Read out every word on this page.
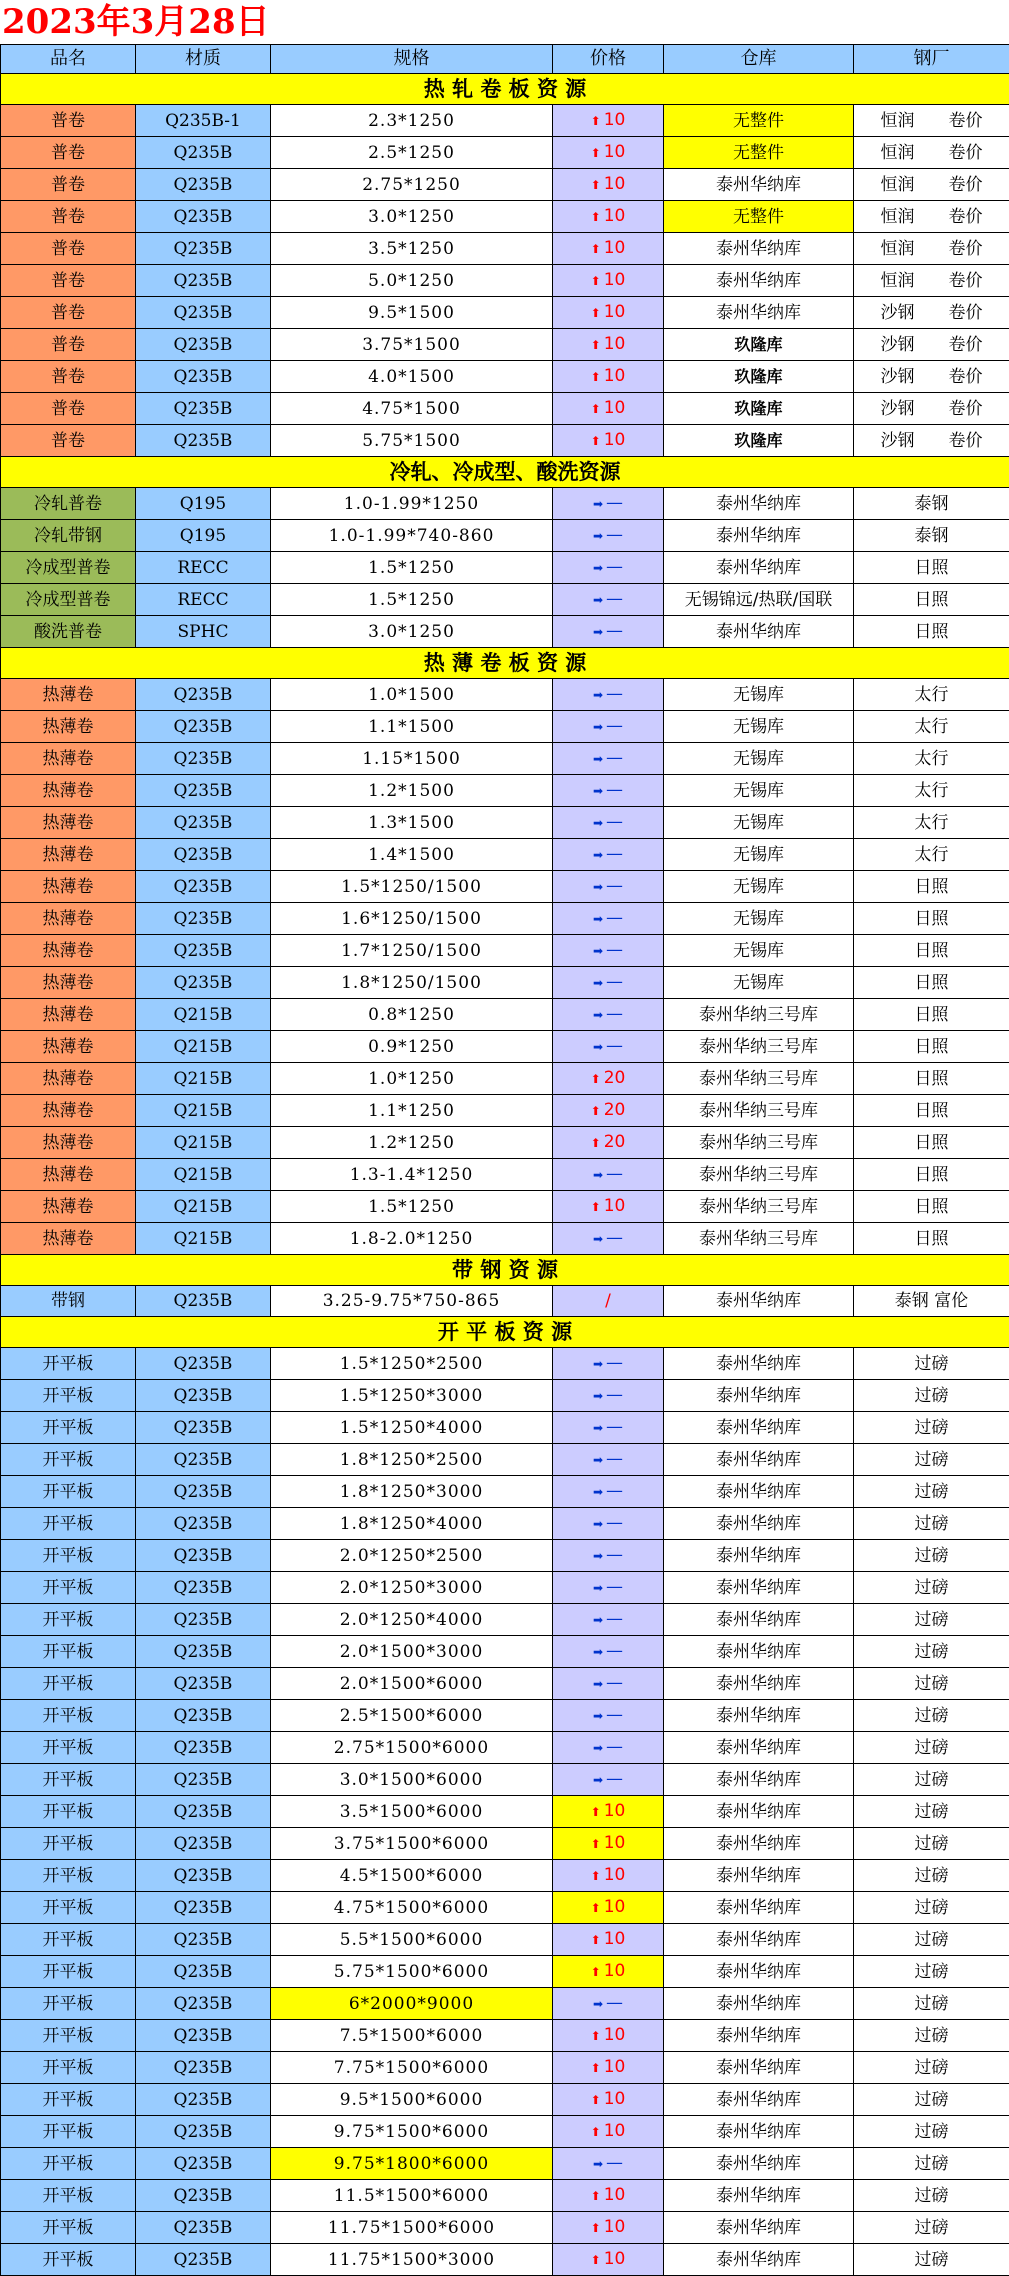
2023年3月28日
品名	材质	规格	价格	仓库	钢厂
热 轧 卷 板 资 源					
普卷	Q235B-1	2.3*1250	⬆ 10	无整件	恒润　　卷价
普卷	Q235B	2.5*1250	⬆ 10	无整件	恒润　　卷价
普卷	Q235B	2.75*1250	⬆ 10	泰州华纳库	恒润　　卷价
普卷	Q235B	3.0*1250	⬆ 10	无整件	恒润　　卷价
普卷	Q235B	3.5*1250	⬆ 10	泰州华纳库	恒润　　卷价
普卷	Q235B	5.0*1250	⬆ 10	泰州华纳库	恒润　　卷价
普卷	Q235B	9.5*1500	⬆ 10	泰州华纳库	沙钢　　卷价
普卷	Q235B	3.75*1500	⬆ 10	玖隆库	沙钢　　卷价
普卷	Q235B	4.0*1500	⬆ 10	玖隆库	沙钢　　卷价
普卷	Q235B	4.75*1500	⬆ 10	玖隆库	沙钢　　卷价
普卷	Q235B	5.75*1500	⬆ 10	玖隆库	沙钢　　卷价
冷轧、冷成型、酸洗资源					
冷轧普卷	Q195	1.0-1.99*1250	➡ —	泰州华纳库	泰钢
冷轧带钢	Q195	1.0-1.99*740-860	➡ —	泰州华纳库	泰钢
冷成型普卷	RECC	1.5*1250	➡ —	泰州华纳库	日照
冷成型普卷	RECC	1.5*1250	➡ —	无锡锦远/热联/国联	日照
酸洗普卷	SPHC	3.0*1250	➡ —	泰州华纳库	日照
热 薄 卷 板 资 源					
热薄卷	Q235B	1.0*1500	➡ —	无锡库	太行
热薄卷	Q235B	1.1*1500	➡ —	无锡库	太行
热薄卷	Q235B	1.15*1500	➡ —	无锡库	太行
热薄卷	Q235B	1.2*1500	➡ —	无锡库	太行
热薄卷	Q235B	1.3*1500	➡ —	无锡库	太行
热薄卷	Q235B	1.4*1500	➡ —	无锡库	太行
热薄卷	Q235B	1.5*1250/1500	➡ —	无锡库	日照
热薄卷	Q235B	1.6*1250/1500	➡ —	无锡库	日照
热薄卷	Q235B	1.7*1250/1500	➡ —	无锡库	日照
热薄卷	Q235B	1.8*1250/1500	➡ —	无锡库	日照
热薄卷	Q215B	0.8*1250	➡ —	泰州华纳三号库	日照
热薄卷	Q215B	0.9*1250	➡ —	泰州华纳三号库	日照
热薄卷	Q215B	1.0*1250	⬆ 20	泰州华纳三号库	日照
热薄卷	Q215B	1.1*1250	⬆ 20	泰州华纳三号库	日照
热薄卷	Q215B	1.2*1250	⬆ 20	泰州华纳三号库	日照
热薄卷	Q215B	1.3-1.4*1250	➡ —	泰州华纳三号库	日照
热薄卷	Q215B	1.5*1250	⬆ 10	泰州华纳三号库	日照
热薄卷	Q215B	1.8-2.0*1250	➡ —	泰州华纳三号库	日照
带 钢 资 源					
带钢	Q235B	3.25-9.75*750-865	/	泰州华纳库	泰钢 富伦
开 平 板 资 源					
开平板	Q235B	1.5*1250*2500	➡ —	泰州华纳库	过磅
开平板	Q235B	1.5*1250*3000	➡ —	泰州华纳库	过磅
开平板	Q235B	1.5*1250*4000	➡ —	泰州华纳库	过磅
开平板	Q235B	1.8*1250*2500	➡ —	泰州华纳库	过磅
开平板	Q235B	1.8*1250*3000	➡ —	泰州华纳库	过磅
开平板	Q235B	1.8*1250*4000	➡ —	泰州华纳库	过磅
开平板	Q235B	2.0*1250*2500	➡ —	泰州华纳库	过磅
开平板	Q235B	2.0*1250*3000	➡ —	泰州华纳库	过磅
开平板	Q235B	2.0*1250*4000	➡ —	泰州华纳库	过磅
开平板	Q235B	2.0*1500*3000	➡ —	泰州华纳库	过磅
开平板	Q235B	2.0*1500*6000	➡ —	泰州华纳库	过磅
开平板	Q235B	2.5*1500*6000	➡ —	泰州华纳库	过磅
开平板	Q235B	2.75*1500*6000	➡ —	泰州华纳库	过磅
开平板	Q235B	3.0*1500*6000	➡ —	泰州华纳库	过磅
开平板	Q235B	3.5*1500*6000	⬆ 10	泰州华纳库	过磅
开平板	Q235B	3.75*1500*6000	⬆ 10	泰州华纳库	过磅
开平板	Q235B	4.5*1500*6000	⬆ 10	泰州华纳库	过磅
开平板	Q235B	4.75*1500*6000	⬆ 10	泰州华纳库	过磅
开平板	Q235B	5.5*1500*6000	⬆ 10	泰州华纳库	过磅
开平板	Q235B	5.75*1500*6000	⬆ 10	泰州华纳库	过磅
开平板	Q235B	6*2000*9000	➡ —	泰州华纳库	过磅
开平板	Q235B	7.5*1500*6000	⬆ 10	泰州华纳库	过磅
开平板	Q235B	7.75*1500*6000	⬆ 10	泰州华纳库	过磅
开平板	Q235B	9.5*1500*6000	⬆ 10	泰州华纳库	过磅
开平板	Q235B	9.75*1500*6000	⬆ 10	泰州华纳库	过磅
开平板	Q235B	9.75*1800*6000	➡ —	泰州华纳库	过磅
开平板	Q235B	11.5*1500*6000	⬆ 10	泰州华纳库	过磅
开平板	Q235B	11.75*1500*6000	⬆ 10	泰州华纳库	过磅
开平板	Q235B	11.75*1500*3000	⬆ 10	泰州华纳库	过磅
